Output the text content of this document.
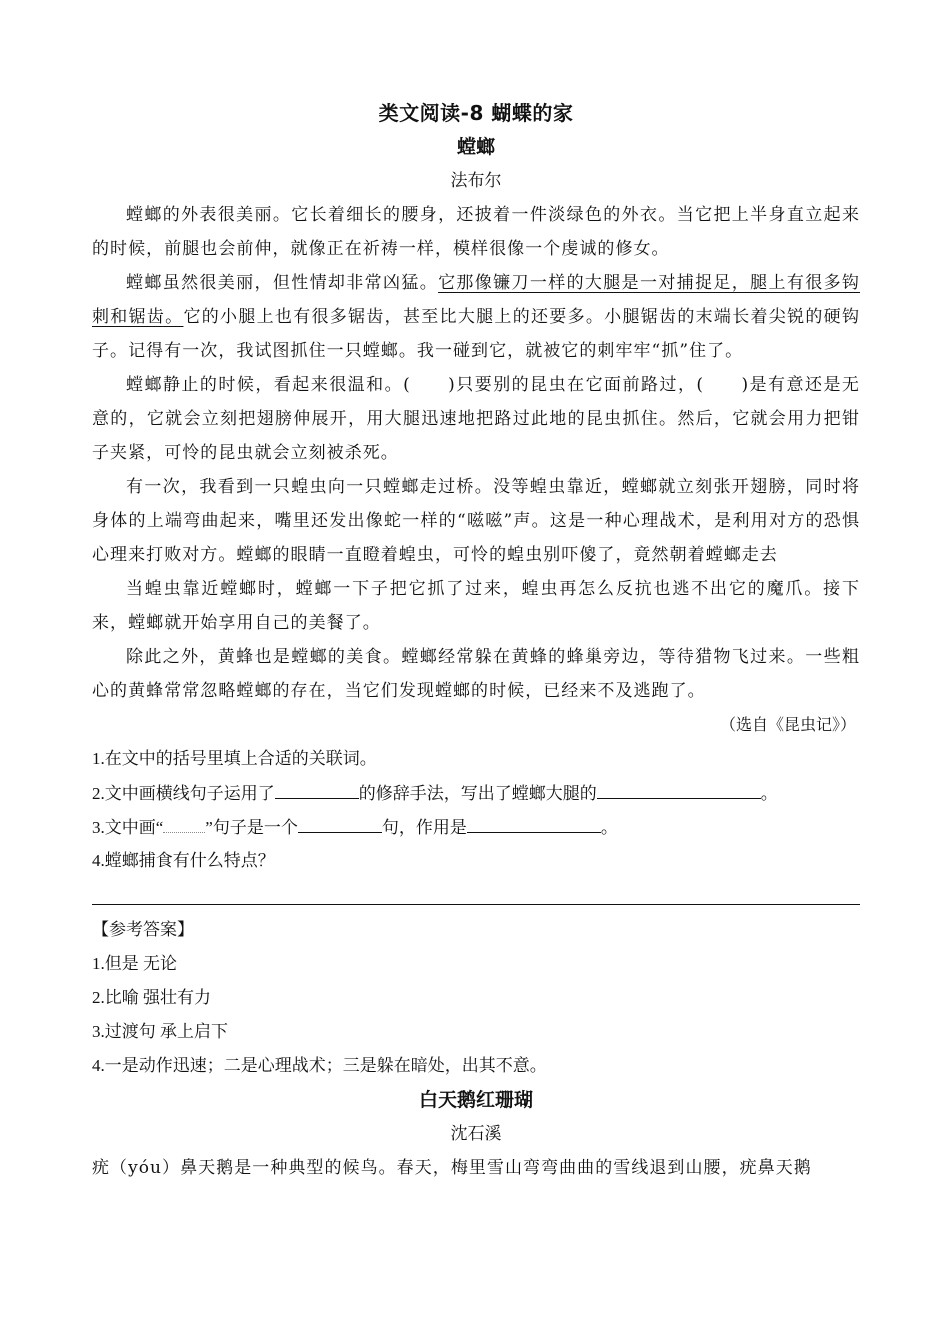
类文阅读-8 蝴蝶的家
螳螂
法布尔

螳螂的外表很美丽。它长着细长的腰身，还披着一件淡绿色的外衣。当它把上半身直立起来的时候，前腿也会前伸，就像正在祈祷一样，模样很像一个虔诚的修女。

螳螂虽然很美丽，但性情却非常凶猛。它那像镰刀一样的大腿是一对捕捉足，腿上有很多钩刺和锯齿。它的小腿上也有很多锯齿，甚至比大腿上的还要多。小腿锯齿的末端长着尖锐的硬钩子。记得有一次，我试图抓住一只螳螂。我一碰到它，就被它的刺牢牢“抓”住了。

螳螂静止的时候，看起来很温和。(　　)只要别的昆虫在它面前路过，(　　)是有意还是无意的，它就会立刻把翅膀伸展开，用大腿迅速地把路过此地的昆虫抓住。然后，它就会用力把钳子夹紧，可怜的昆虫就会立刻被杀死。

有一次，我看到一只蝗虫向一只螳螂走过桥。没等蝗虫靠近，螳螂就立刻张开翅膀，同时将身体的上端弯曲起来，嘴里还发出像蛇一样的“嗞嗞”声。这是一种心理战术，是利用对方的恐惧心理来打败对方。螳螂的眼睛一直瞪着蝗虫，可怜的蝗虫别吓傻了，竟然朝着螳螂走去

当蝗虫靠近螳螂时，螳螂一下子把它抓了过来，蝗虫再怎么反抗也逃不出它的魔爪。接下来，螳螂就开始享用自己的美餐了。

除此之外，黄蜂也是螳螂的美食。螳螂经常躲在黄蜂的蜂巢旁边，等待猎物飞过来。一些粗心的黄蜂常常忽略螳螂的存在，当它们发现螳螂的时候，已经来不及逃跑了。

（选自《昆虫记》）

1.在文中的括号里填上合适的关联词。

2.文中画横线句子运用了	的修辞手法，写出了螳螂大腿的	。

3.文中画“ ”句子是一个	句，作用是	。

4.螳螂捕食有什么特点？

【参考答案】

1.但是 无论

2.比喻 强壮有力

3.过渡句 承上启下

4.一是动作迅速；二是心理战术；三是躲在暗处，出其不意。

白天鹅红珊瑚
沈石溪

疣（yóu）鼻天鹅是一种典型的候鸟。春天，梅里雪山弯弯曲曲的雪线退到山腰，疣鼻天鹅
